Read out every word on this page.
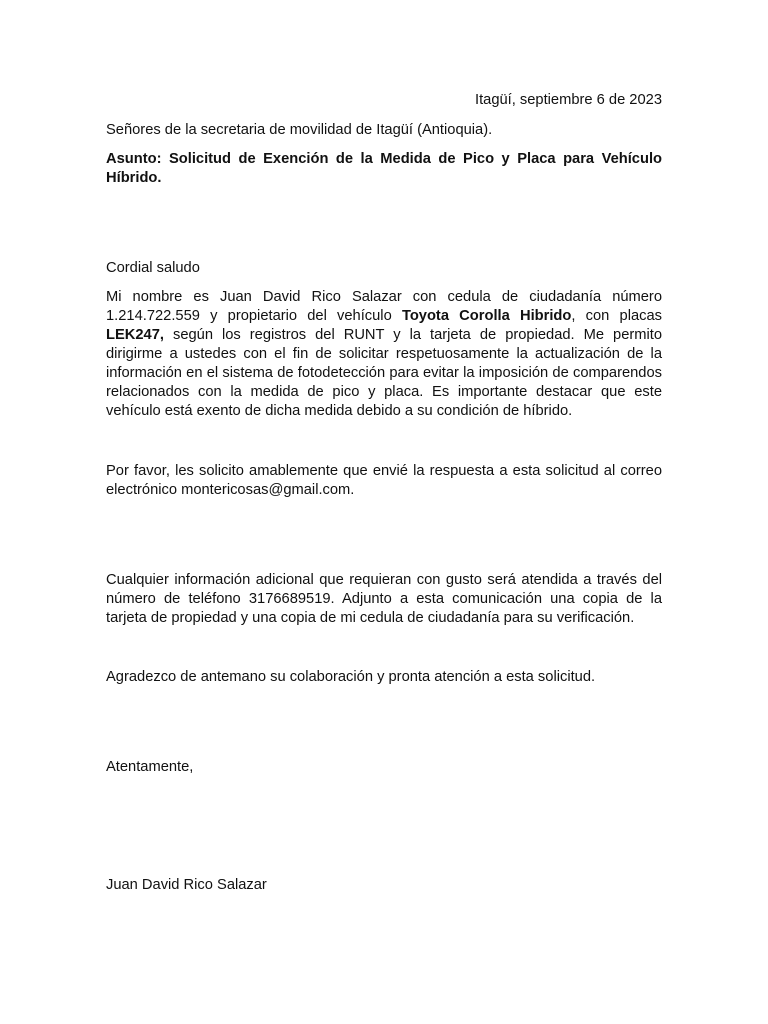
Itagüí, septiembre 6 de 2023

Señores de la secretaria de movilidad de Itagüí (Antioquia).

Asunto: Solicitud de Exención de la Medida de Pico y Placa para Vehículo Híbrido.

Cordial saludo

Mi nombre es Juan David Rico Salazar con cedula de ciudadanía número 1.214.722.559 y propietario del vehículo Toyota Corolla Hibrido, con placas LEK247, según los registros del RUNT y la tarjeta de propiedad. Me permito dirigirme a ustedes con el fin de solicitar respetuosamente la actualización de la información en el sistema de fotodetección para evitar la imposición de comparendos relacionados con la medida de pico y placa. Es importante destacar que este vehículo está exento de dicha medida debido a su condición de híbrido.

Por favor, les solicito amablemente que envié la respuesta a esta solicitud al correo electrónico montericosas@gmail.com.

Cualquier información adicional que requieran con gusto será atendida a través del número de teléfono 3176689519. Adjunto a esta comunicación una copia de la tarjeta de propiedad y una copia de mi cedula de ciudadanía para su verificación.

Agradezco de antemano su colaboración y pronta atención a esta solicitud.

Atentamente,

Juan David Rico Salazar
